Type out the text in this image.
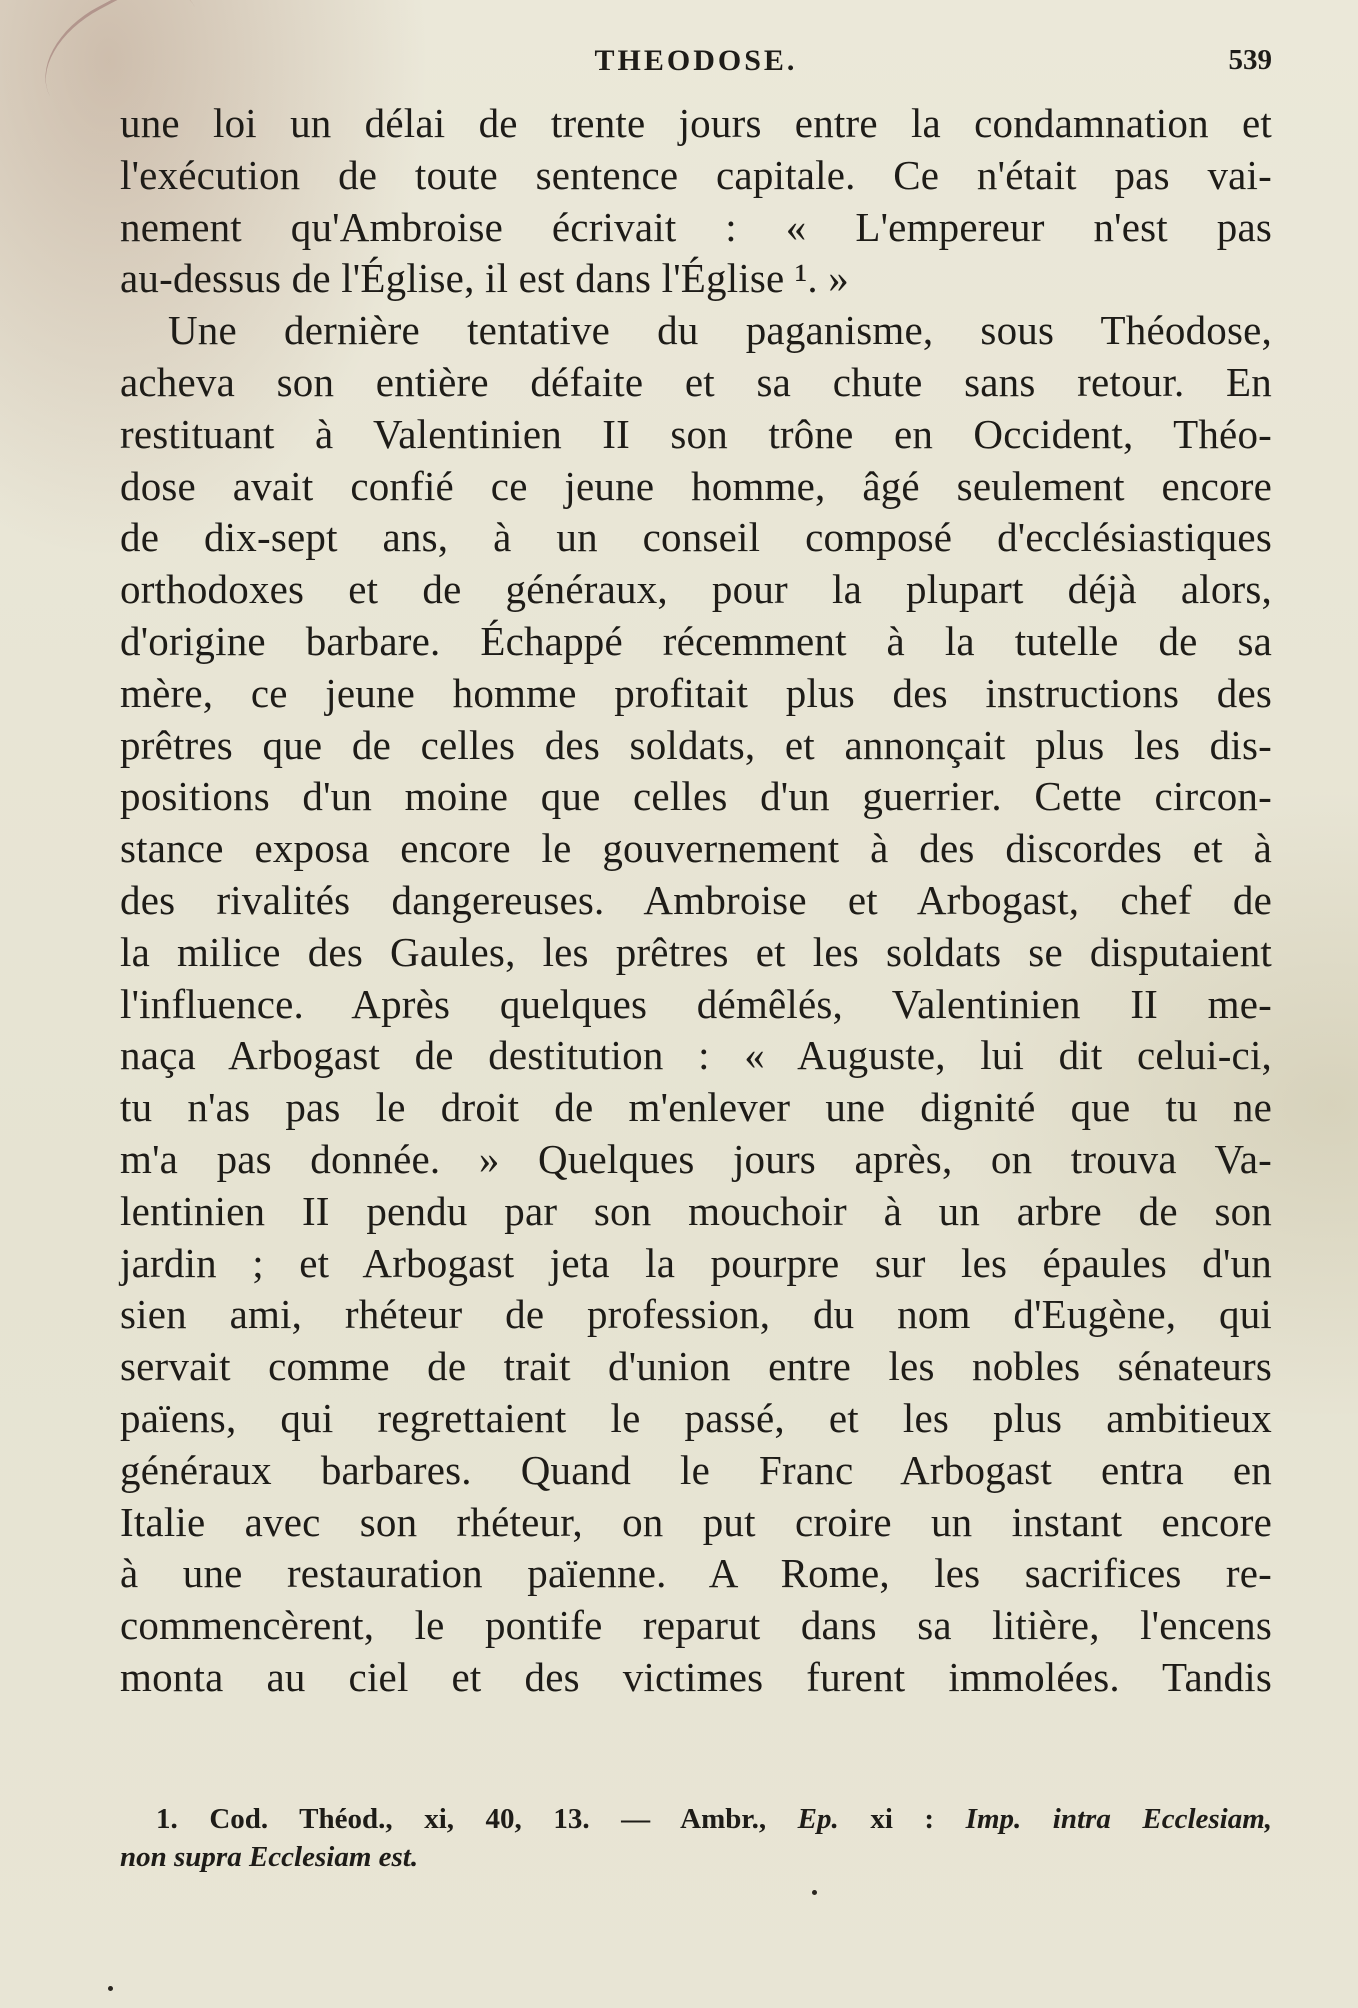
THEODOSE.	539
une loi un délai de trente jours entre la condamnation et
l'exécution de toute sentence capitale. Ce n'était pas vai-
nement qu'Ambroise écrivait : « L'empereur n'est pas
au-dessus de l'Église, il est dans l'Église ¹. »
Une dernière tentative du paganisme, sous Théodose,
acheva son entière défaite et sa chute sans retour. En
restituant à Valentinien II son trône en Occident, Théo-
dose avait confié ce jeune homme, âgé seulement encore
de dix-sept ans, à un conseil composé d'ecclésiastiques
orthodoxes et de généraux, pour la plupart déjà alors,
d'origine barbare. Échappé récemment à la tutelle de sa
mère, ce jeune homme profitait plus des instructions des
prêtres que de celles des soldats, et annonçait plus les dis-
positions d'un moine que celles d'un guerrier. Cette circon-
stance exposa encore le gouvernement à des discordes et à
des rivalités dangereuses. Ambroise et Arbogast, chef de
la milice des Gaules, les prêtres et les soldats se disputaient
l'influence. Après quelques démêlés, Valentinien II me-
naça Arbogast de destitution : « Auguste, lui dit celui-ci,
tu n'as pas le droit de m'enlever une dignité que tu ne
m'a pas donnée. » Quelques jours après, on trouva Va-
lentinien II pendu par son mouchoir à un arbre de son
jardin ; et Arbogast jeta la pourpre sur les épaules d'un
sien ami, rhéteur de profession, du nom d'Eugène, qui
servait comme de trait d'union entre les nobles sénateurs
païens, qui regrettaient le passé, et les plus ambitieux
généraux barbares. Quand le Franc Arbogast entra en
Italie avec son rhéteur, on put croire un instant encore
à une restauration païenne. A Rome, les sacrifices re-
commencèrent, le pontife reparut dans sa litière, l'encens
monta au ciel et des victimes furent immolées. Tandis
1. Cod. Théod., xi, 40, 13. — Ambr., Ep. xi : Imp. intra Ecclesiam,
non supra Ecclesiam est.
